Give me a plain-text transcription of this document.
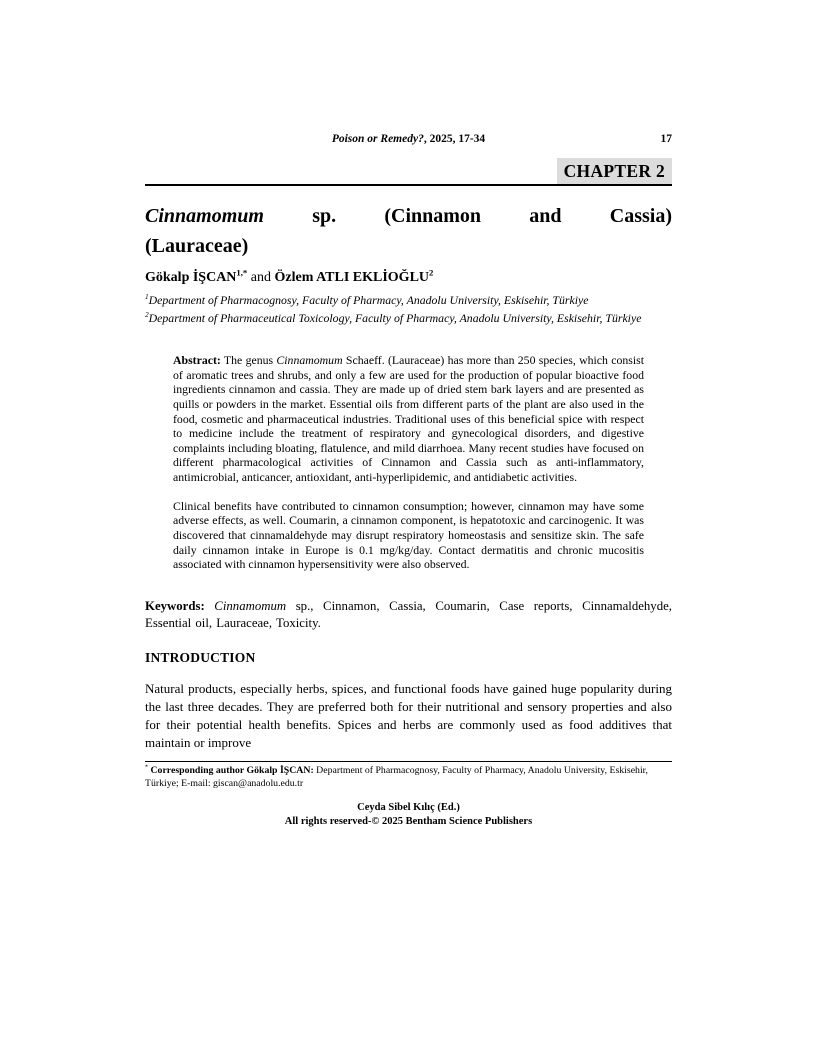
Poison or Remedy?, 2025, 17-34	17
CHAPTER 2
Cinnamomum sp. (Cinnamon and Cassia)
(Lauraceae)
Gökalp $İŞCAN^{1,*}$ and Özlem ATLI EKLİOĞLU$^2$
$^1$Department of Pharmacognosy, Faculty of Pharmacy, Anadolu University, Eskisehir, Türkiye
$^2$Department of Pharmaceutical Toxicology, Faculty of Pharmacy, Anadolu University, Eskisehir, Türkiye

Abstract: The genus Cinnamomum Schaeff. (Lauraceae) has more than 250 species, which consist of aromatic trees and shrubs, and only a few are used for the production of popular bioactive food ingredients cinnamon and cassia. They are made up of dried stem bark layers and are presented as quills or powders in the market. Essential oils from different parts of the plant are also used in the food, cosmetic and pharmaceutical industries. Traditional uses of this beneficial spice with respect to medicine include the treatment of respiratory and gynecological disorders, and digestive complaints including bloating, flatulence, and mild diarrhoea. Many recent studies have focused on different pharmacological activities of Cinnamon and Cassia such as anti-inflammatory, antimicrobial, anticancer, antioxidant, anti-hyperlipidemic, and antidiabetic activities.

Clinical benefits have contributed to cinnamon consumption; however, cinnamon may have some adverse effects, as well. Coumarin, a cinnamon component, is hepatotoxic and carcinogenic. It was discovered that cinnamaldehyde may disrupt respiratory homeostasis and sensitize skin. The safe daily cinnamon intake in Europe is 0.1 mg/kg/day. Contact dermatitis and chronic mucositis associated with cinnamon hypersensitivity were also observed.

Keywords: Cinnamomum sp., Cinnamon, Cassia, Coumarin, Case reports, Cinnamaldehyde, Essential oil, Lauraceae, Toxicity.
INTRODUCTION

Natural products, especially herbs, spices, and functional foods have gained huge popularity during the last three decades. They are preferred both for their nutritional and sensory properties and also for their potential health benefits. Spices and herbs are commonly used as food additives that maintain or improve

* Corresponding author Gökalp İŞCAN: Department of Pharmacognosy, Faculty of Pharmacy, Anadolu University, Eskisehir, Türkiye; E-mail: giscan@anadolu.edu.tr
Ceyda Sibel Kılıç (Ed.)
All rights reserved-© 2025 Bentham Science Publishers
